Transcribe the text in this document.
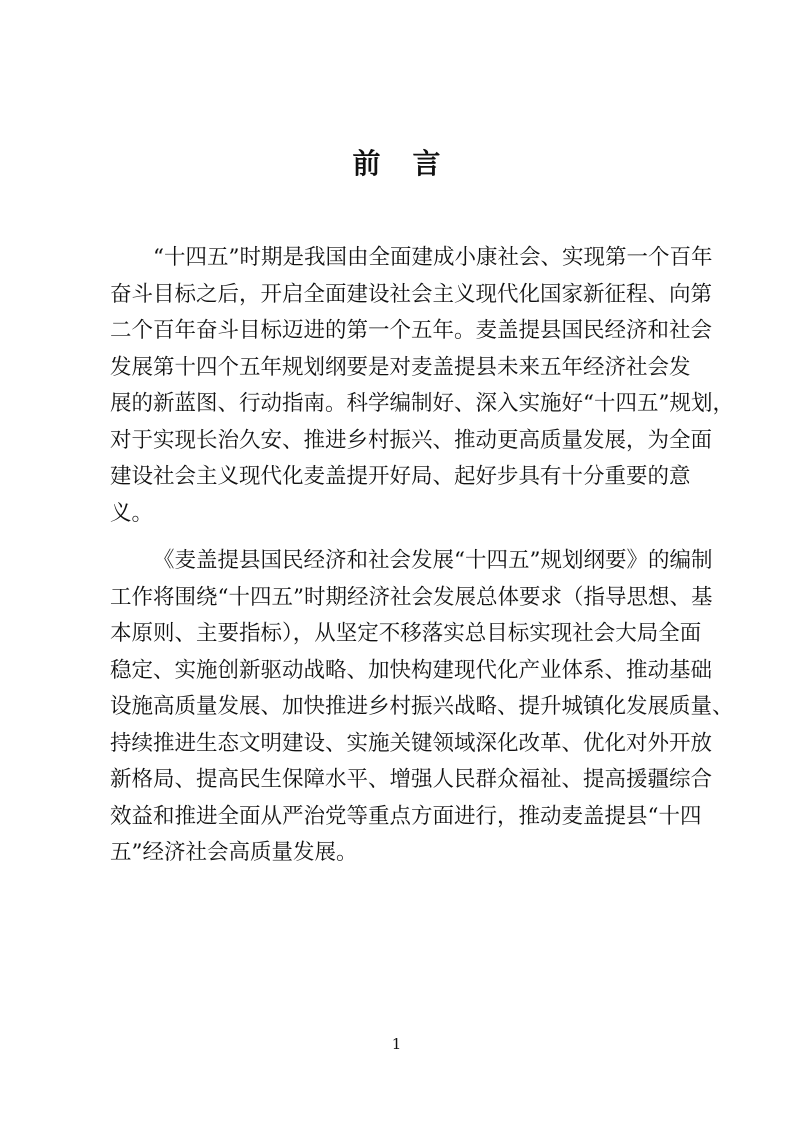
前言
“十四五”时期是我国由全面建成小康社会、实现第一个百年
奋斗目标之后，开启全面建设社会主义现代化国家新征程、向第
二个百年奋斗目标迈进的第一个五年。麦盖提县国民经济和社会
发展第十四个五年规划纲要是对麦盖提县未来五年经济社会发
展的新蓝图、行动指南。科学编制好、深入实施好“十四五”规划，
对于实现长治久安、推进乡村振兴、推动更高质量发展，为全面
建设社会主义现代化麦盖提开好局、起好步具有十分重要的意
义。
《麦盖提县国民经济和社会发展“十四五”规划纲要》的编制
工作将围绕“十四五”时期经济社会发展总体要求（指导思想、基
本原则、主要指标），从坚定不移落实总目标实现社会大局全面
稳定、实施创新驱动战略、加快构建现代化产业体系、推动基础
设施高质量发展、加快推进乡村振兴战略、提升城镇化发展质量、
持续推进生态文明建设、实施关键领域深化改革、优化对外开放
新格局、提高民生保障水平、增强人民群众福祉、提高援疆综合
效益和推进全面从严治党等重点方面进行，推动麦盖提县“十四
五”经济社会高质量发展。
1
